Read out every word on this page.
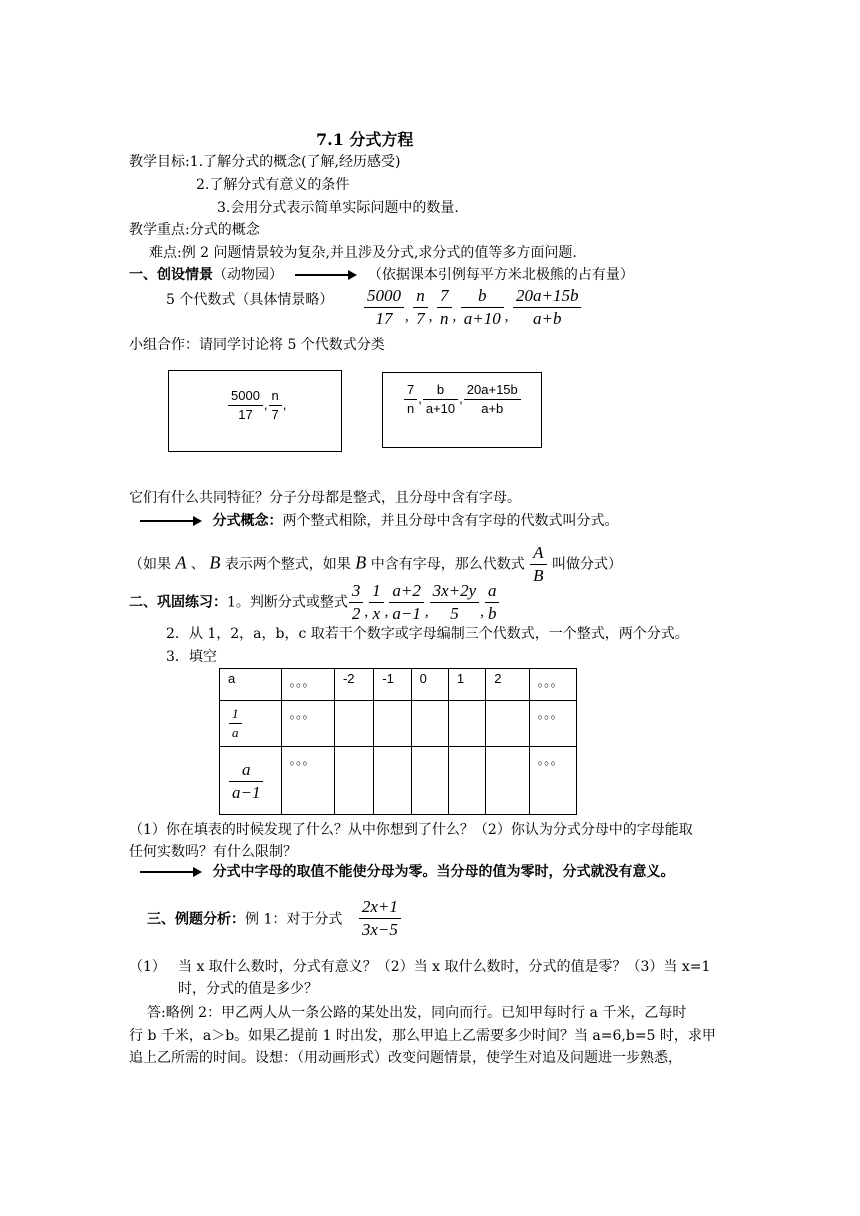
7.1 分式方程
教学目标:1.了解分式的概念(了解,经历感受)
2.了解分式有意义的条件
3.会用分式表示简单实际问题中的数量.
教学重点:分式的概念
难点:例 2 问题情景较为复杂,并且涉及分式,求分式的值等多方面问题.
一、创设情景（动物园）	（依据课本引例每平方米北极熊的占有量）
5 个代数式（具体情景略） $\frac{5000}{17}$ , $\frac{n}{7}$ , $\frac{7}{n}$ , $\frac{b}{a+10}$ , $\frac{20a+15b}{a+b}$
小组合作：请同学讨论将 5 个代数式分类
$\frac{5000}{17}$ , $\frac{n}{7}$ ,	$\frac{7}{n}$ , $\frac{b}{a+10}$ , $\frac{20a+15b}{a+b}$
它们有什么共同特征？分子分母都是整式，且分母中含有字母。
分式概念：两个整式相除，并且分母中含有字母的代数式叫分式。
（如果 A 、 B 表示两个整式，如果 B 中含有字母，那么代数式 $\frac{A}{B}$ 叫做分式）
二、巩固练习：1。判断分式或整式 $\frac{3}{2}$ , $\frac{1}{x}$ , $\frac{a+2}{a-1}$ , $\frac{3x+2y}{5}$ , $\frac{a}{b}$
2．从 1，2，a，b，c 取若干个数字或字母编制三个代数式，一个整式，两个分式。
3．填空
a	。。。	-2	-1	0	1	2	。。。

$\frac{1}{a}$	。。。						。。。

$\frac{a}{a-1}$	。。。						。。。
（1）你在填表的时候发现了什么？从中你想到了什么？（2）你认为分式分母中的字母能取
任何实数吗？有什么限制？
分式中字母的取值不能使分母为零。当分母的值为零时，分式就没有意义。
三、例题分析：例 1：对于分式 $\frac{2x+1}{3x-5}$
（1） 当 x 取什么数时，分式有意义？（2）当 x 取什么数时，分式的值是零？（3）当 x=1
时，分式的值是多少？
答:略例 2：甲乙两人从一条公路的某处出发，同向而行。已知甲每时行 a 千米，乙每时
行 b 千米，a＞b。如果乙提前 1 时出发，那么甲追上乙需要多少时间？当 a=6,b=5 时，求甲
追上乙所需的时间。设想：（用动画形式）改变问题情景，使学生对追及问题进一步熟悉，
